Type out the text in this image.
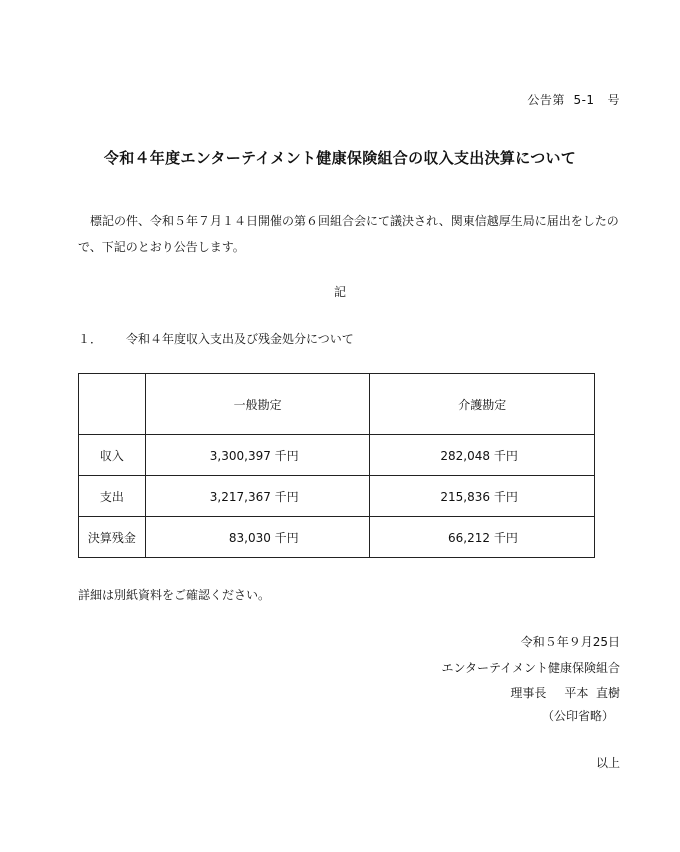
公告第  5-1   号
令和４年度エンターテイメント健康保険組合の収入支出決算について
標記の件、令和５年７月１４日開催の第６回組合会にて議決され、関東信越厚生局に届出をしたので、下記のとおり公告します。
記
１． 令和４年度収入支出及び残金処分について
	一般勘定	介護勘定
収入	3,300,397 千円	282,048 千円

支出	3,217,367 千円	215,836 千円

決算残金	83,030 千円	66,212 千円
詳細は別紙資料をご確認ください。
令和５年９月25日
エンターテイメント健康保険組合
理事長 平本  直樹
（公印省略）
以上
